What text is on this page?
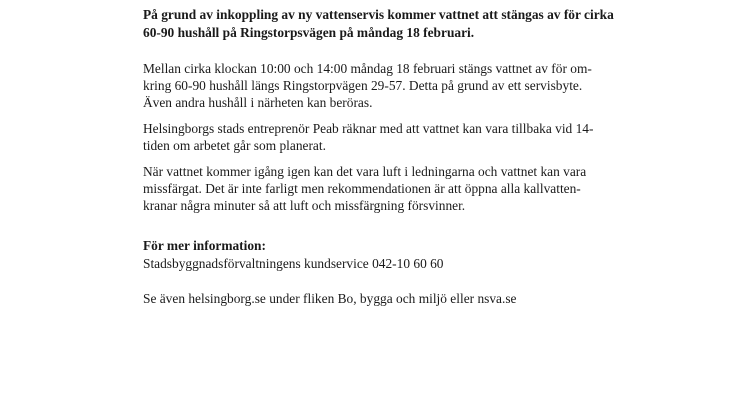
På grund av inkoppling av ny vattenservis kommer vattnet att stängas av för cirka
60-90 hushåll på Ringstorpsvägen på måndag 18 februari.

Mellan cirka klockan 10:00 och 14:00 måndag 18 februari stängs vattnet av för om-
kring 60-90 hushåll längs Ringstorpvägen 29-57. Detta på grund av ett servisbyte.
Även andra hushåll i närheten kan beröras.

Helsingborgs stads entreprenör Peab räknar med att vattnet kan vara tillbaka vid 14-
tiden om arbetet går som planerat.

När vattnet kommer igång igen kan det vara luft i ledningarna och vattnet kan vara
missfärgat. Det är inte farligt men rekommendationen är att öppna alla kallvatten-
kranar några minuter så att luft och missfärgning försvinner.

För mer information:

Stadsbyggnadsförvaltningens kundservice 042-10 60 60

Se även helsingborg.se under fliken Bo, bygga och miljö eller nsva.se
